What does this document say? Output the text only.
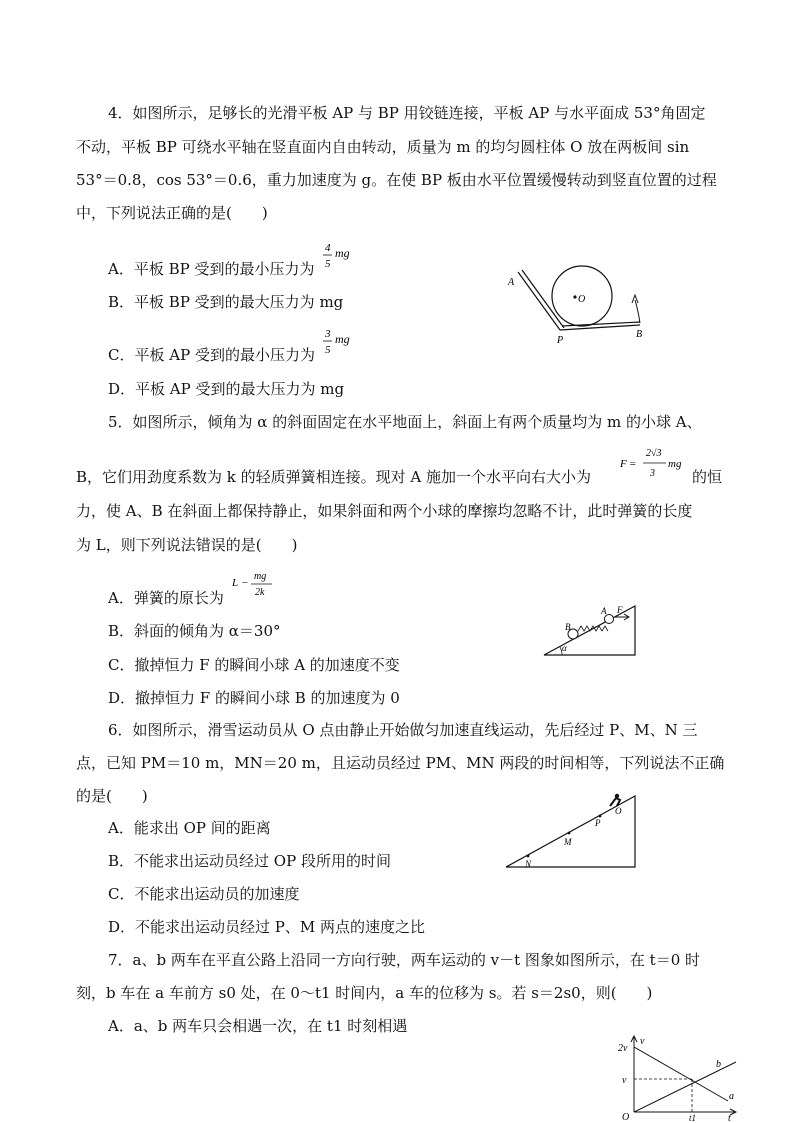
4．如图所示，足够长的光滑平板 AP 与 BP 用铰链连接，平板 AP 与水平面成 53°角固定
不动，平板 BP 可绕水平轴在竖直面内自由转动，质量为 m 的均匀圆柱体 O 放在两板间 sin
53°＝0.8，cos 53°＝0.6，重力加速度为 g。在使 BP 板由水平位置缓慢转动到竖直位置的过程
中，下列说法正确的是(　　)
A．平板 BP 受到的最小压力为
4
5
mg
B．平板 BP 受到的最大压力为 mg
C．平板 AP 受到的最小压力为
3
5
mg
D．平板 AP 受到的最大压力为 mg
A
O
P
B
5．如图所示，倾角为 α 的斜面固定在水平地面上，斜面上有两个质量均为 m 的小球 A、
B，它们用劲度系数为 k 的轻质弹簧相连接。现对 A 施加一个水平向右大小为
F =
2√3
3
mg
的恒
力，使 A、B 在斜面上都保持静止，如果斜面和两个小球的摩擦均忽略不计，此时弹簧的长度
为 L，则下列说法错误的是(　　)
A．弹簧的原长为
L −
mg
2k
B．斜面的倾角为 α＝30°
C．撤掉恒力 F 的瞬间小球 A 的加速度不变
D．撤掉恒力 F 的瞬间小球 B 的加速度为 0
B
A F
α
6．如图所示，滑雪运动员从 O 点由静止开始做匀加速直线运动，先后经过 P、M、N 三
点，已知 PM＝10 m，MN＝20 m，且运动员经过 PM、MN 两段的时间相等，下列说法不正确
的是(　　)
A．能求出 OP 间的距离
B．不能求出运动员经过 OP 段所用的时间
C．不能求出运动员的加速度
D．不能求出运动员经过 P、M 两点的速度之比
O
P
M
N
7．a、b 两车在平直公路上沿同一方向行驶，两车运动的 v－t 图象如图所示，在 t＝0 时
刻，b 车在 a 车前方 s0 处，在 0～t1 时间内，a 车的位移为 s。若 s＝2s0，则(　　)
A．a、b 两车只会相遇一次，在 t1 时刻相遇
2v
v
O	t1	t
v
a
b
